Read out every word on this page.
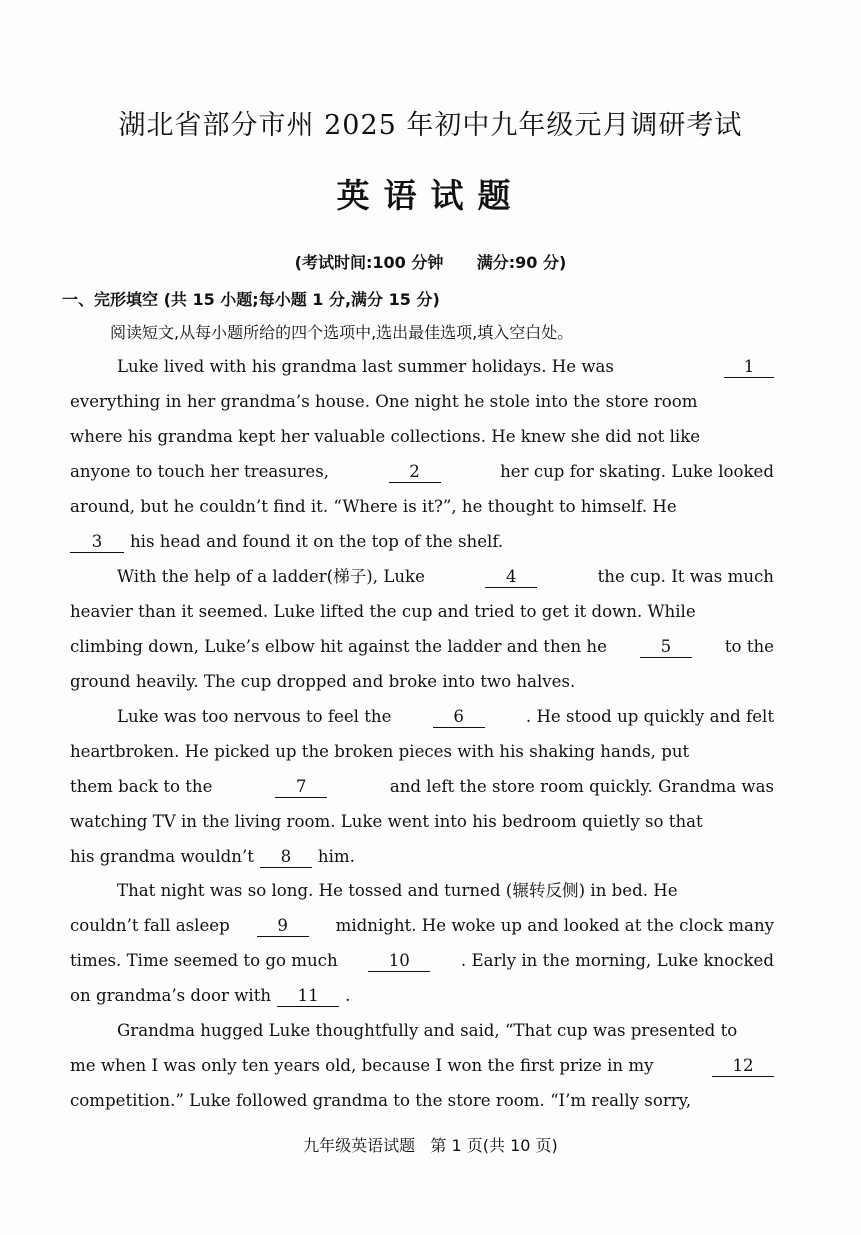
湖北省部分市州 2025 年初中九年级元月调研考试
英语试题
(考试时间:100 分钟      满分:90 分)
一、完形填空 (共 15 小题;每小题 1 分,满分 15 分)
阅读短文,从每小题所给的四个选项中,选出最佳选项,填入空白处。
Luke lived with his grandma last summer holidays. He was	1
everything in her grandma’s house. One night he stole into the store room
where his grandma kept her valuable collections. He knew she did not like
anyone to touch her treasures,	2	her cup for skating. Luke looked
around, but he couldn’t find it. “Where is it?”, he thought to himself. He
3	his head and found it on the top of the shelf.
With the help of a ladder(梯子), Luke	4	the cup. It was much
heavier than it seemed. Luke lifted the cup and tried to get it down. While
climbing down, Luke’s elbow hit against the ladder and then he	5	to the
ground heavily. The cup dropped and broke into two halves.
Luke was too nervous to feel the	6	. He stood up quickly and felt
heartbroken. He picked up the broken pieces with his shaking hands, put
them back to the	7	and left the store room quickly. Grandma was
watching TV in the living room. Luke went into his bedroom quietly so that
his grandma wouldn’t	8	him.
That night was so long. He tossed and turned (辗转反侧) in bed. He
couldn’t fall asleep	9	midnight. He woke up and looked at the clock many
times. Time seemed to go much	10	. Early in the morning, Luke knocked
on grandma’s door with	11	.
Grandma hugged Luke thoughtfully and said, “That cup was presented to
me when I was only ten years old, because I won the first prize in my	12
competition.” Luke followed grandma to the store room. “I’m really sorry,
九年级英语试题   第 1 页(共 10 页)
